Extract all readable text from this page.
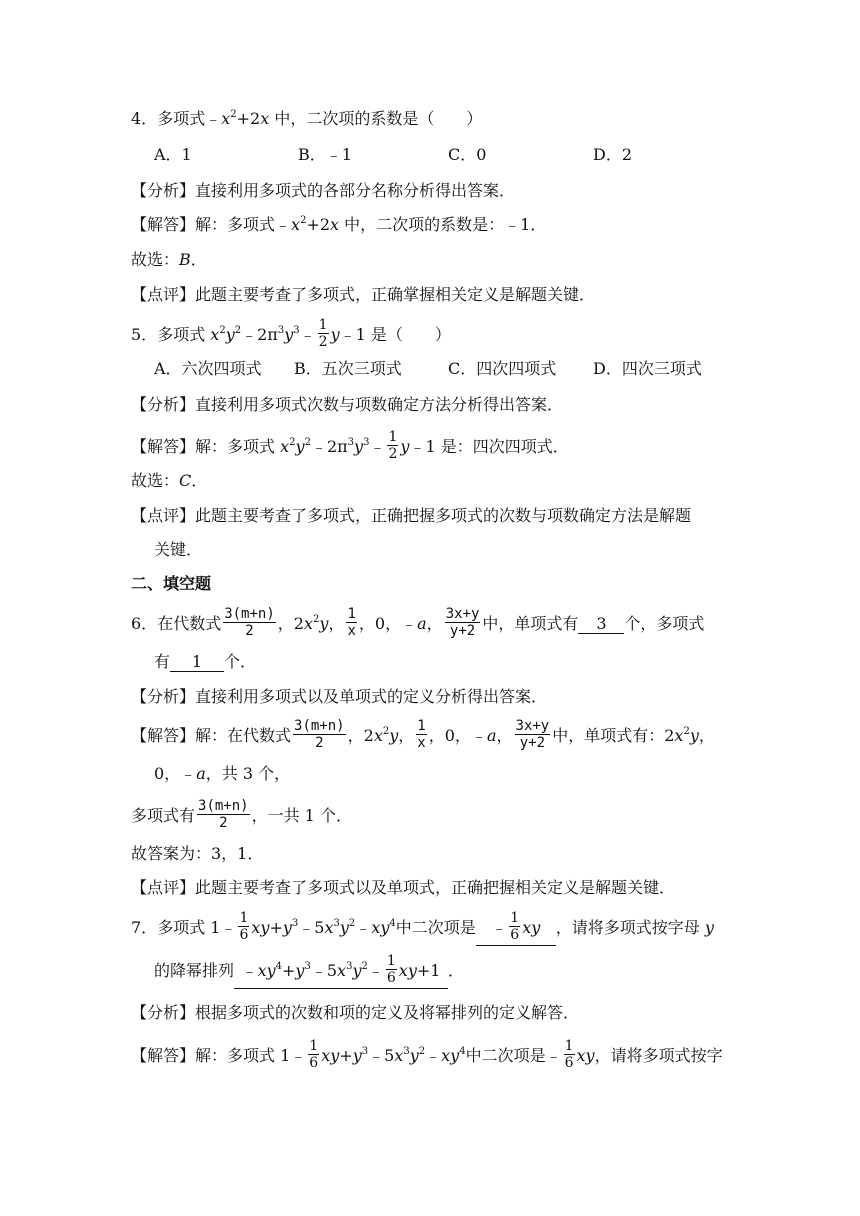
4．多项式$﹣x^2+2x$ 中，二次项的系数是（　　）
A．1	B．﹣1	C．0	D．2
【分析】直接利用多项式的各部分名称分析得出答案．
【解答】解：多项式$﹣x^2+2x$ 中，二次项的系数是：﹣1．
故选：B．
【点评】此题主要考查了多项式，正确掌握相关定义是解题关键．
5．多项式 $x^2y^2﹣2\pi^3y^3﹣ \frac{1}{2}$ y﹣1 是（　　）
A．六次四项式 B．五次三项式	C．四次四项式 D．四次三项式
【分析】直接利用多项式次数与项数确定方法分析得出答案．
【解答】解：多项式 $x^2y^2﹣2\pi^3y^3﹣ \frac{1}{2}$ y﹣1 是：四次四项式．
故选：C．
【点评】此题主要考查了多项式，正确把握多项式的次数与项数确定方法是解题
关键．
二、填空题
6．在代数式 $\frac{3(m+n)}{2}$ ，$2x^2y$， $\frac{1}{x}$ ，0，﹣a， $\frac{3x+y}{y+2}$ 中，单项式有 3 个，多项式
有 1 个．
【分析】直接利用多项式以及单项式的定义分析得出答案．
【解答】解：在代数式 $\frac{3(m+n)}{2}$ ，$2x^2y$， $\frac{1}{x}$ ，0，﹣a， $\frac{3x+y}{y+2}$ 中，单项式有：$2x^2y$，
0，﹣a，共 3 个，
多项式有 $\frac{3(m+n)}{2}$ ，一共 1 个．
故答案为：3，1．
【点评】此题主要考查了多项式以及单项式，正确把握相关定义是解题关键．
7．多项式 1﹣ $\frac{1}{6}$ $xy+y^3﹣5x^3y^2﹣xy^4$中二次项是 ﹣ $\frac{1}{6}$ xy ，请将多项式按字母 y
的降幂排列 $﹣xy^4+y^3﹣5x^3y^2﹣ \frac{1}{6} xy+1$ ．
【分析】根据多项式的次数和项的定义及将幂排列的定义解答．
【解答】解：多项式 1﹣ $\frac{1}{6}$ $xy+y^3﹣5x^3y^2﹣xy^4$中二次项是﹣ $\frac{1}{6}$ xy，请将多项式按字
